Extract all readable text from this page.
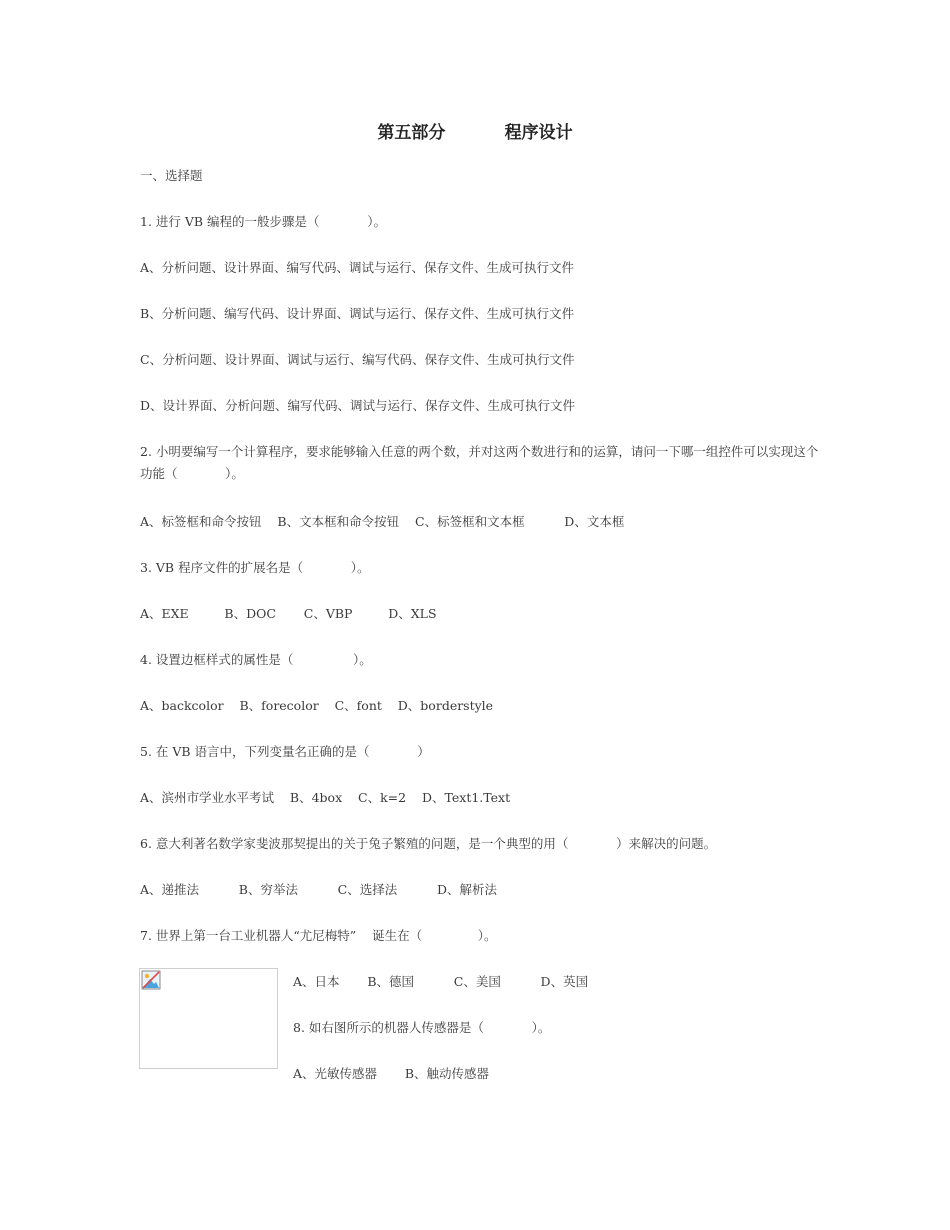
第五部分          程序设计
一、选择题
1. 进行 VB 编程的一般步骤是（            ）。
A、分析问题、设计界面、编写代码、调试与运行、保存文件、生成可执行文件
B、分析问题、编写代码、设计界面、调试与运行、保存文件、生成可执行文件
C、分析问题、设计界面、调试与运行、编写代码、保存文件、生成可执行文件
D、设计界面、分析问题、编写代码、调试与运行、保存文件、生成可执行文件
2. 小明要编写一个计算程序，要求能够输入任意的两个数，并对这两个数进行和的运算，请问一下哪一组控件可以实现这个功能（            ）。
A、标签框和命令按钮    B、文本框和命令按钮    C、标签框和文本框          D、文本框
3. VB 程序文件的扩展名是（            ）。
A、EXE         B、DOC       C、VBP         D、XLS
4. 设置边框样式的属性是（               ）。
A、backcolor    B、forecolor    C、font    D、borderstyle
5. 在 VB 语言中，下列变量名正确的是（            ）
A、滨州市学业水平考试    B、4box    C、k=2    D、Text1.Text
6. 意大利著名数学家斐波那契提出的关于兔子繁殖的问题，是一个典型的用（            ）来解决的问题。
A、递推法          B、穷举法          C、选择法          D、解析法
7. 世界上第一台工业机器人“尤尼梅特”    诞生在（              ）。
A、日本       B、德国          C、美国          D、英国
8. 如右图所示的机器人传感器是（            ）。
A、光敏传感器       B、触动传感器
